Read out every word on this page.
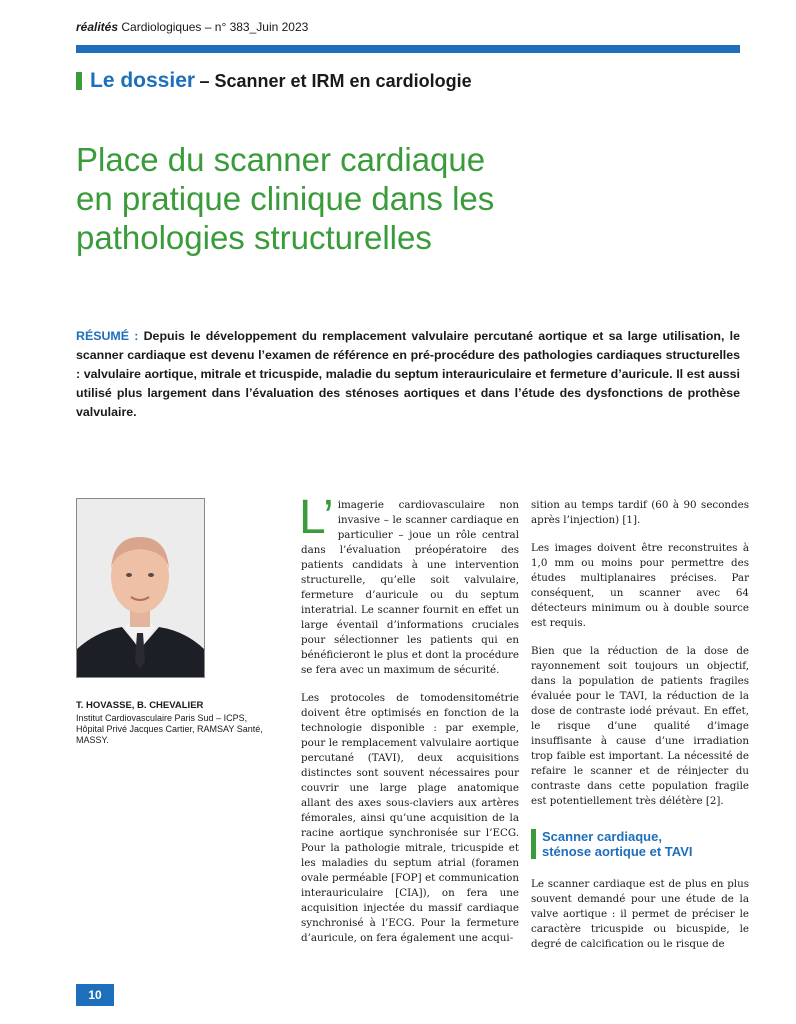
réalités Cardiologiques – n° 383_Juin 2023
Le dossier
– Scanner et IRM en cardiologie
Place du scanner cardiaque
en pratique clinique dans les
pathologies structurelles
RÉSUMÉ : Depuis le développement du remplacement valvulaire percutané aortique et sa large utilisation, le scanner cardiaque est devenu l’examen de référence en pré-procédure des pathologies cardiaques structurelles : valvulaire aortique, mitrale et tricuspide, maladie du septum interauriculaire et fermeture d’auricule. Il est aussi utilisé plus largement dans l’évaluation des sténoses aortiques et dans l’étude des dysfonctions de prothèse valvulaire.
T. HOVASSE, B. CHEVALIER
Institut Cardiovasculaire Paris Sud – ICPS, Hôpital Privé Jacques Cartier, RAMSAY Santé, MASSY.

L’ imagerie cardiovasculaire non invasive – le scanner cardiaque en particulier – joue un rôle central dans l’évaluation préopératoire des patients candidats à une intervention structurelle, qu’elle soit valvulaire, fermeture d’auricule ou du septum interatrial. Le scanner fournit en effet un large éventail d’informations cruciales pour sélectionner les patients qui en bénéficieront le plus et dont la procédure se fera avec un maximum de sécurité.

Les protocoles de tomodensitométrie doivent être optimisés en fonction de la technologie disponible : par exemple, pour le remplacement valvulaire aortique percutané (TAVI), deux acquisitions distinctes sont souvent nécessaires pour couvrir une large plage anatomique allant des axes sous-claviers aux artères fémorales, ainsi qu’une acquisition de la racine aortique synchronisée sur l’ECG. Pour la pathologie mitrale, tricuspide et les maladies du septum atrial (foramen ovale perméable [FOP] et communication interauriculaire [CIA]), on fera une acquisition injectée du massif cardiaque synchronisé à l’ECG. Pour la fermeture d’auricule, on fera également une acqui-

sition au temps tardif (60 à 90 secondes après l’injection) [1].

Les images doivent être reconstruites à 1,0 mm ou moins pour permettre des études multiplanaires précises. Par conséquent, un scanner avec 64 détecteurs minimum ou à double source est requis.

Bien que la réduction de la dose de rayonnement soit toujours un objectif, dans la population de patients fragiles évaluée pour le TAVI, la réduction de la dose de contraste iodé prévaut. En effet, le risque d’une qualité d’image insuffisante à cause d’une irradiation trop faible est important. La nécessité de refaire le scanner et de réinjecter du contraste dans cette population fragile est potentiellement très délétère [2].

Scanner cardiaque,
sténose aortique et TAVI

Le scanner cardiaque est de plus en plus souvent demandé pour une étude de la valve aortique : il permet de préciser le caractère tricuspide ou bicuspide, le degré de calcification ou le risque de

10
